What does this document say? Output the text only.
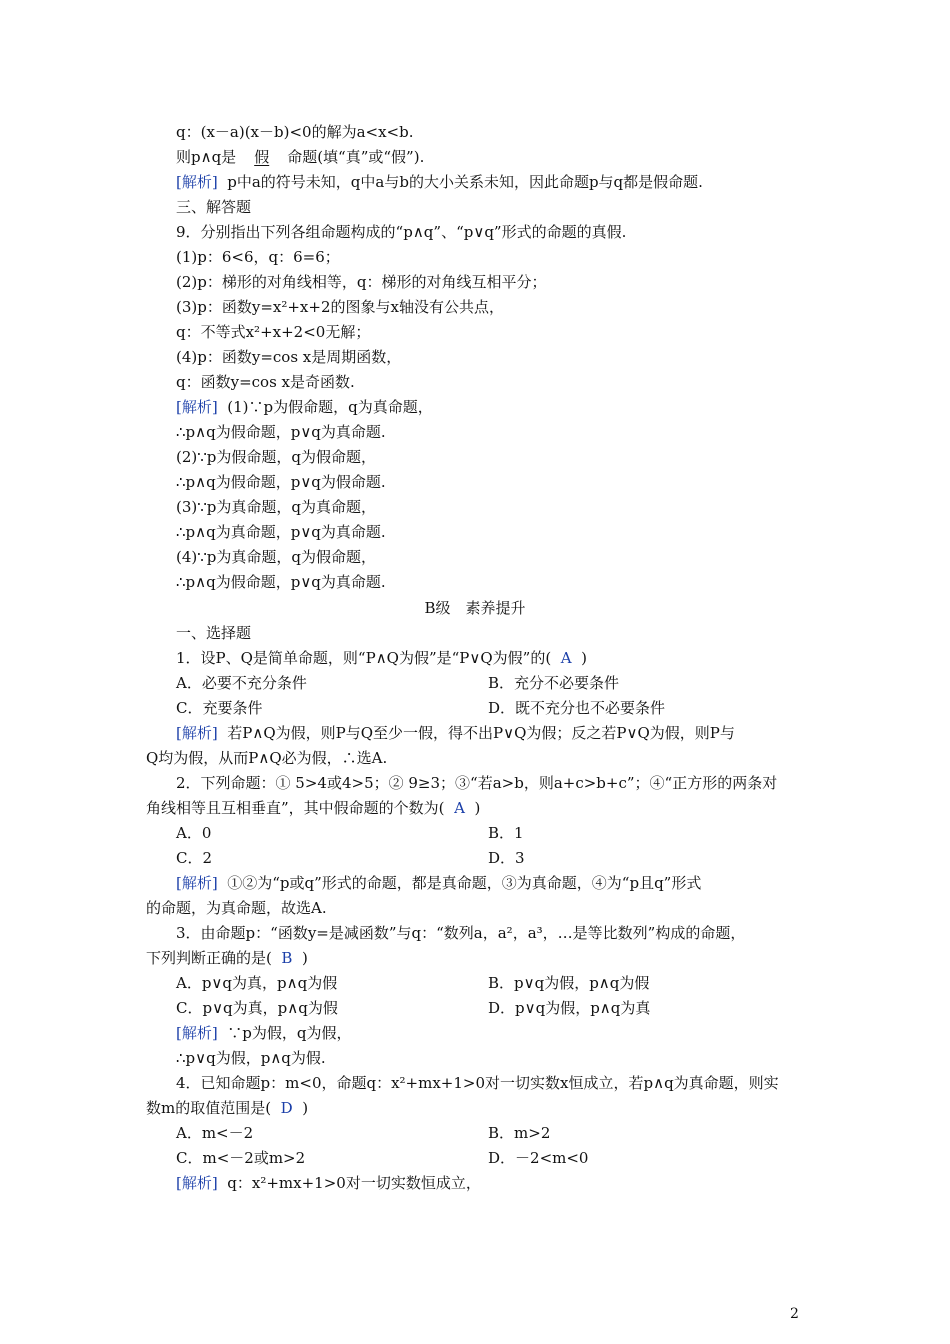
q：(x－a)(x－b)<0的解为a<x<b.
则p∧q是 假 命题(填“真”或“假”).
[解析] p中a的符号未知，q中a与b的大小关系未知，因此命题p与q都是假命题.
三、解答题
9．分别指出下列各组命题构成的“p∧q”、“p∨q”形式的命题的真假.
(1)p：6<6，q：6=6；
(2)p：梯形的对角线相等，q：梯形的对角线互相平分；
(3)p：函数y=x²+x+2的图象与x轴没有公共点，
q：不等式x²+x+2<0无解；
(4)p：函数y=cos x是周期函数，
q：函数y=cos x是奇函数.
[解析] (1)∵p为假命题，q为真命题，
∴p∧q为假命题，p∨q为真命题.
(2)∵p为假命题，q为假命题，
∴p∧q为假命题，p∨q为假命题.
(3)∵p为真命题，q为真命题，
∴p∧q为真命题，p∨q为真命题.
(4)∵p为真命题，q为假命题，
∴p∧q为假命题，p∨q为真命题.
B级　素养提升
一、选择题
1．设P、Q是简单命题，则“P∧Q为假”是“P∨Q为假”的( A )
A．必要不充分条件	B．充分不必要条件
C．充要条件	D．既不充分也不必要条件
[解析] 若P∧Q为假，则P与Q至少一假，得不出P∨Q为假；反之若P∨Q为假，则P与
Q均为假，从而P∧Q必为假，∴选A.
2．下列命题：① 5>4或4>5；② 9≥3；③“若a>b，则a+c>b+c”；④“正方形的两条对
角线相等且互相垂直”，其中假命题的个数为( A )
A．0	B．1
C．2	D．3
[解析] ①②为“p或q”形式的命题，都是真命题，③为真命题，④为“p且q”形式
的命题，为真命题，故选A.
3．由命题p：“函数y=是减函数”与q：“数列a，a²，a³，…是等比数列”构成的命题，
下列判断正确的是( B )
A．p∨q为真，p∧q为假	B．p∨q为假，p∧q为假
C．p∨q为真，p∧q为假	D．p∨q为假，p∧q为真
[解析] ∵p为假，q为假，
∴p∨q为假，p∧q为假.
4．已知命题p：m<0，命题q：x²+mx+1>0对一切实数x恒成立，若p∧q为真命题，则实
数m的取值范围是( D )
A．m<－2	B．m>2
C．m<－2或m>2	D．－2<m<0
[解析] q：x²+mx+1>0对一切实数恒成立，
2
